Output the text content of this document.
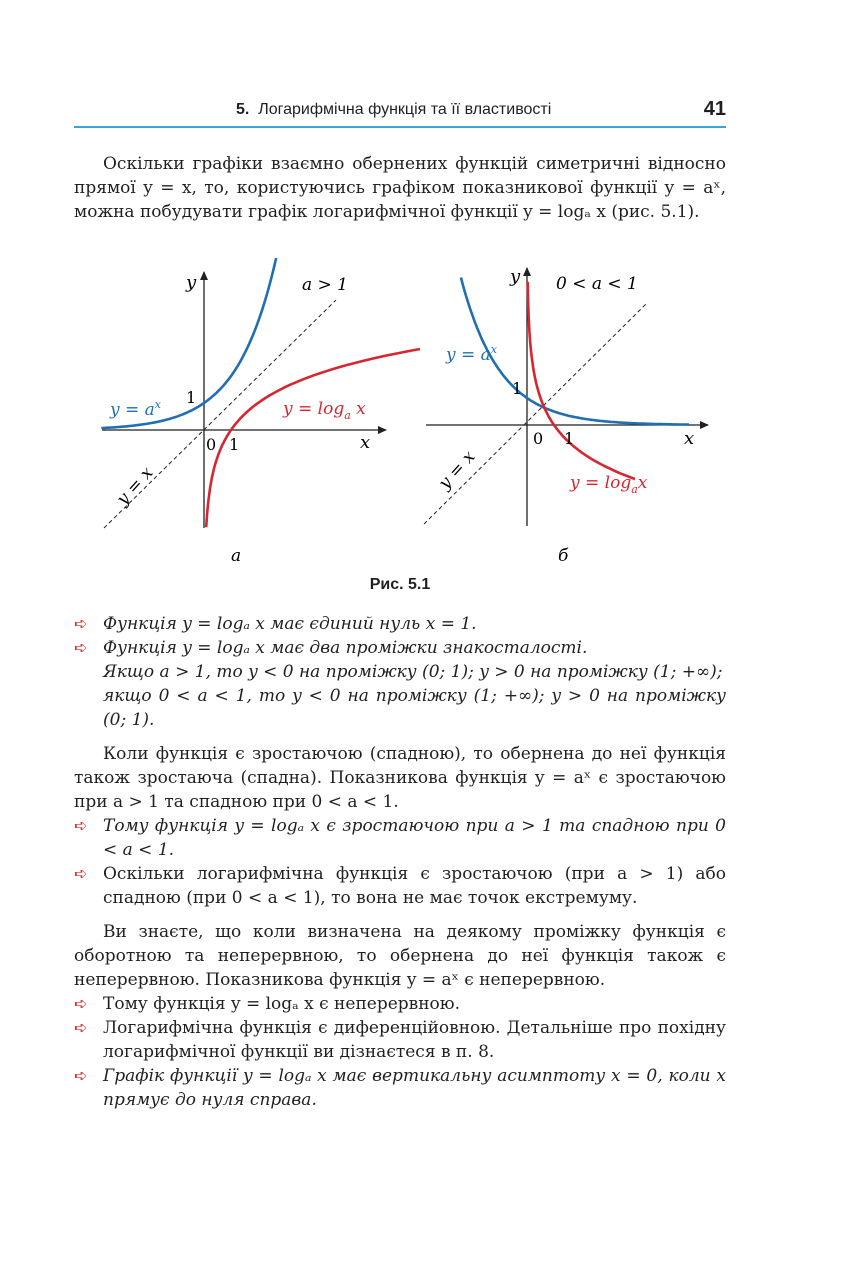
5. Логарифмічна функція та її властивості	41

Оскільки графіки взаємно обернених функцій симетричні відносно прямої y = x, то, користуючись графіком показникової функції y = aˣ, можна побудувати графік логарифмічної функції y = logₐ x (рис. 5.1).

y
x
a > 1
1
0 1
$y = a^x$	$y = \log_a x$
y = x
а
y
x
0 < a < 1
1
0 1
$y = a^x$
$y = \log_ax$
y = x
б
Рис. 5.1
➪ Функція y = logₐ x має єдиний нуль x = 1.
➪ Функція y = logₐ x має два проміжки знакосталості.
Якщо a > 1, то y < 0 на проміжку (0; 1); y > 0 на проміжку (1; +∞);
якщо 0 < a < 1, то y < 0 на проміжку (1; +∞); y > 0 на проміжку (0; 1).

Коли функція є зростаючою (спадною), то обернена до неї функція також зростаюча (спадна). Показникова функція y = aˣ є зростаючою при a > 1 та спадною при 0 < a < 1.

➪ Тому функція y = logₐ x є зростаючою при a > 1 та спадною при 0 < a < 1.
➪ Оскільки логарифмічна функція є зростаючою (при a > 1) або спадною (при 0 < a < 1), то вона не має точок екстремуму.

Ви знаєте, що коли визначена на деякому проміжку функція є оборотною та неперервною, то обернена до неї функція також є неперервною. Показникова функція y = aˣ є неперервною.

➪ Тому функція y = logₐ x є неперервною.
➪ Логарифмічна функція є диференційовною. Детальніше про похідну логарифмічної функції ви дізнаєтеся в п. 8.
➪ Графік функції y = logₐ x має вертикальну асимптоту x = 0, коли x прямує до нуля справа.
